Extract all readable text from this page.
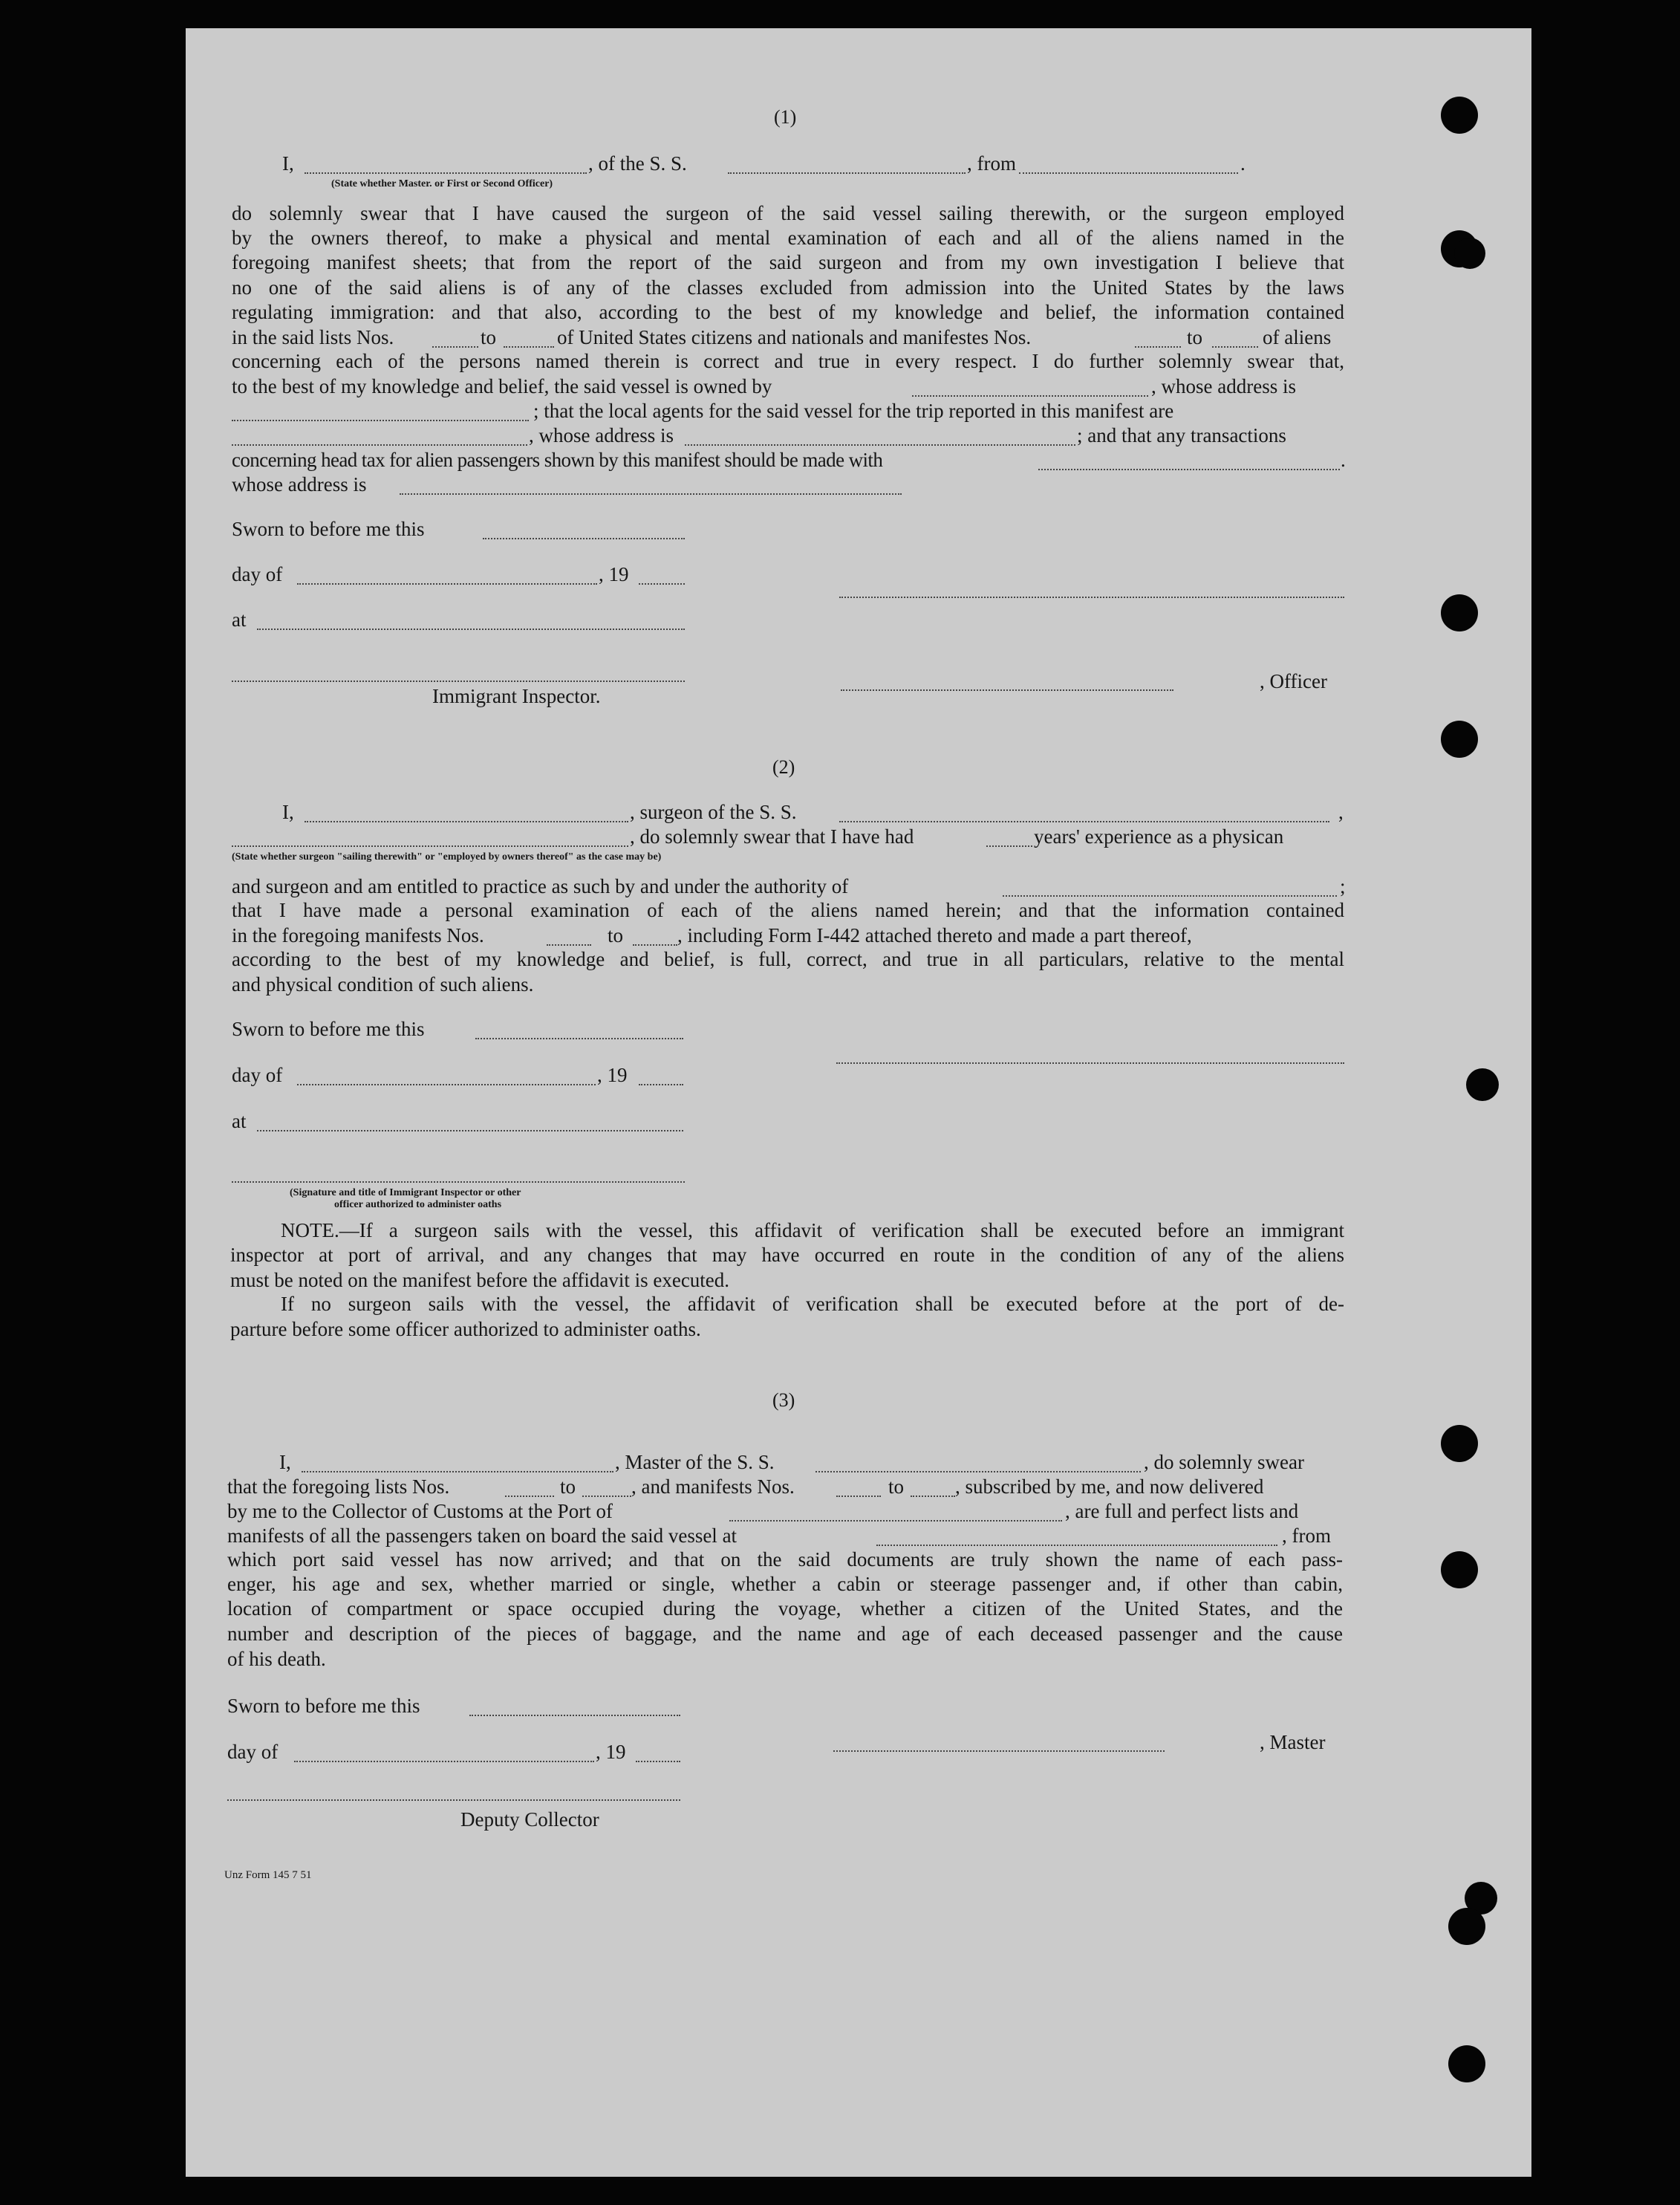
(1)
I,	, of the S. S.	, from	.
(State whether Master. or First or Second Officer)
do solemnly swear that I have caused the surgeon of the said vessel sailing therewith, or the surgeon employed
by the owners thereof, to make a physical and mental examination of each and all of the aliens named in the
foregoing manifest sheets; that from the report of the said surgeon and from my own investigation I believe that
no one of the said aliens is of any of the classes excluded from admission into the United States by the laws
regulating immigration: and that also, according to the best of my knowledge and belief, the information contained
in the said lists Nos.	to	of United States citizens and nationals and manifestes Nos.	to	of aliens
concerning each of the persons named therein is correct and true in every respect. I do further solemnly swear that,
to the best of my knowledge and belief, the said vessel is owned by	, whose address is
; that the local agents for the said vessel for the trip reported in this manifest are
, whose address is	; and that any transactions
concerning head tax for alien passengers shown by this manifest should be made with	.
whose address is
Sworn to before me this
day of	, 19
at
, Officer
Immigrant Inspector.
(2)
I,	, surgeon of the S. S.	,
, do solemnly swear that I have had	years' experience as a physican
(State whether surgeon "sailing therewith" or "employed by owners thereof" as the case may be)
and surgeon and am entitled to practice as such by and under the authority of	;
that I have made a personal examination of each of the aliens named herein; and that the information contained
in the foregoing manifests Nos.	to	, including Form I-442 attached thereto and made a part thereof,
according to the best of my knowledge and belief, is full, correct, and true in all particulars, relative to the mental
and physical condition of such aliens.
Sworn to before me this
day of	, 19
at
(Signature and title of Immigrant Inspector or other
officer authorized to administer oaths
NOTE.—If a surgeon sails with the vessel, this affidavit of verification shall be executed before an immigrant
inspector at port of arrival, and any changes that may have occurred en route in the condition of any of the aliens
must be noted on the manifest before the affidavit is executed.
If no surgeon sails with the vessel, the affidavit of verification shall be executed before at the port of de-
parture before some officer authorized to administer oaths.
(3)
I,	, Master of the S. S.	, do solemnly swear
that the foregoing lists Nos.	to	, and manifests Nos.	to	, subscribed by me, and now delivered
by me to the Collector of Customs at the Port of	, are full and perfect lists and
manifests of all the passengers taken on board the said vessel at	, from
which port said vessel has now arrived; and that on the said documents are truly shown the name of each pass-
enger, his age and sex, whether married or single, whether a cabin or steerage passenger and, if other than cabin,
location of compartment or space occupied during the voyage, whether a citizen of the United States, and the
number and description of the pieces of baggage, and the name and age of each deceased passenger and the cause
of his death.
Sworn to before me this
day of	, 19	, Master
Deputy Collector
Unz Form 145 7 51
